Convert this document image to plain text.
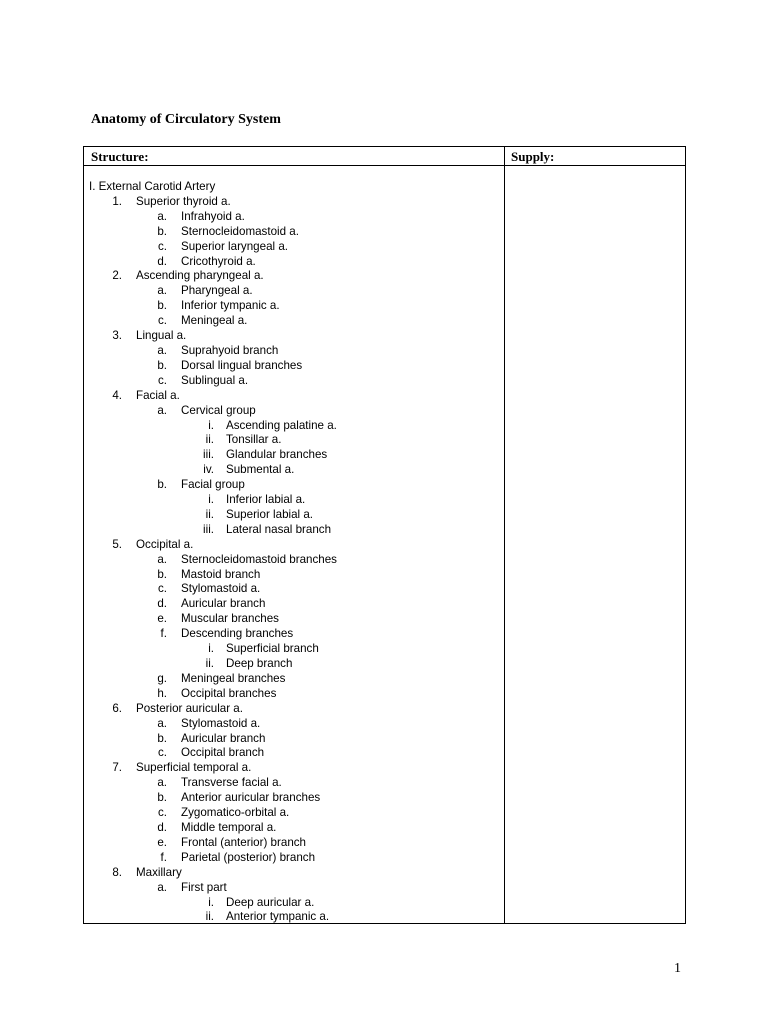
Anatomy of Circulatory System
Structure:	Supply:
I. External Carotid Artery
1. Superior thyroid a.
a. Infrahyoid a.
b. Sternocleidomastoid a.
c. Superior laryngeal a.
d. Cricothyroid a.
2. Ascending pharyngeal a.
a. Pharyngeal a.
b. Inferior tympanic a.
c. Meningeal a.
3. Lingual a.
a. Suprahyoid branch
b. Dorsal lingual branches
c. Sublingual a.
4. Facial a.
a. Cervical group
i. Ascending palatine a.
ii. Tonsillar a.
iii. Glandular branches
iv. Submental a.
b. Facial group
i. Inferior labial a.
ii. Superior labial a.
iii. Lateral nasal branch
5. Occipital a.
a. Sternocleidomastoid branches
b. Mastoid branch
c. Stylomastoid a.
d. Auricular branch
e. Muscular branches
f. Descending branches
i. Superficial branch
ii. Deep branch
g. Meningeal branches
h. Occipital branches
6. Posterior auricular a.
a. Stylomastoid a.
b. Auricular branch
c. Occipital branch
7. Superficial temporal a.
a. Transverse facial a.
b. Anterior auricular branches
c. Zygomatico-orbital a.
d. Middle temporal a.
e. Frontal (anterior) branch
f. Parietal (posterior) branch
8. Maxillary
a. First part
i. Deep auricular a.
ii. Anterior tympanic a.
1
